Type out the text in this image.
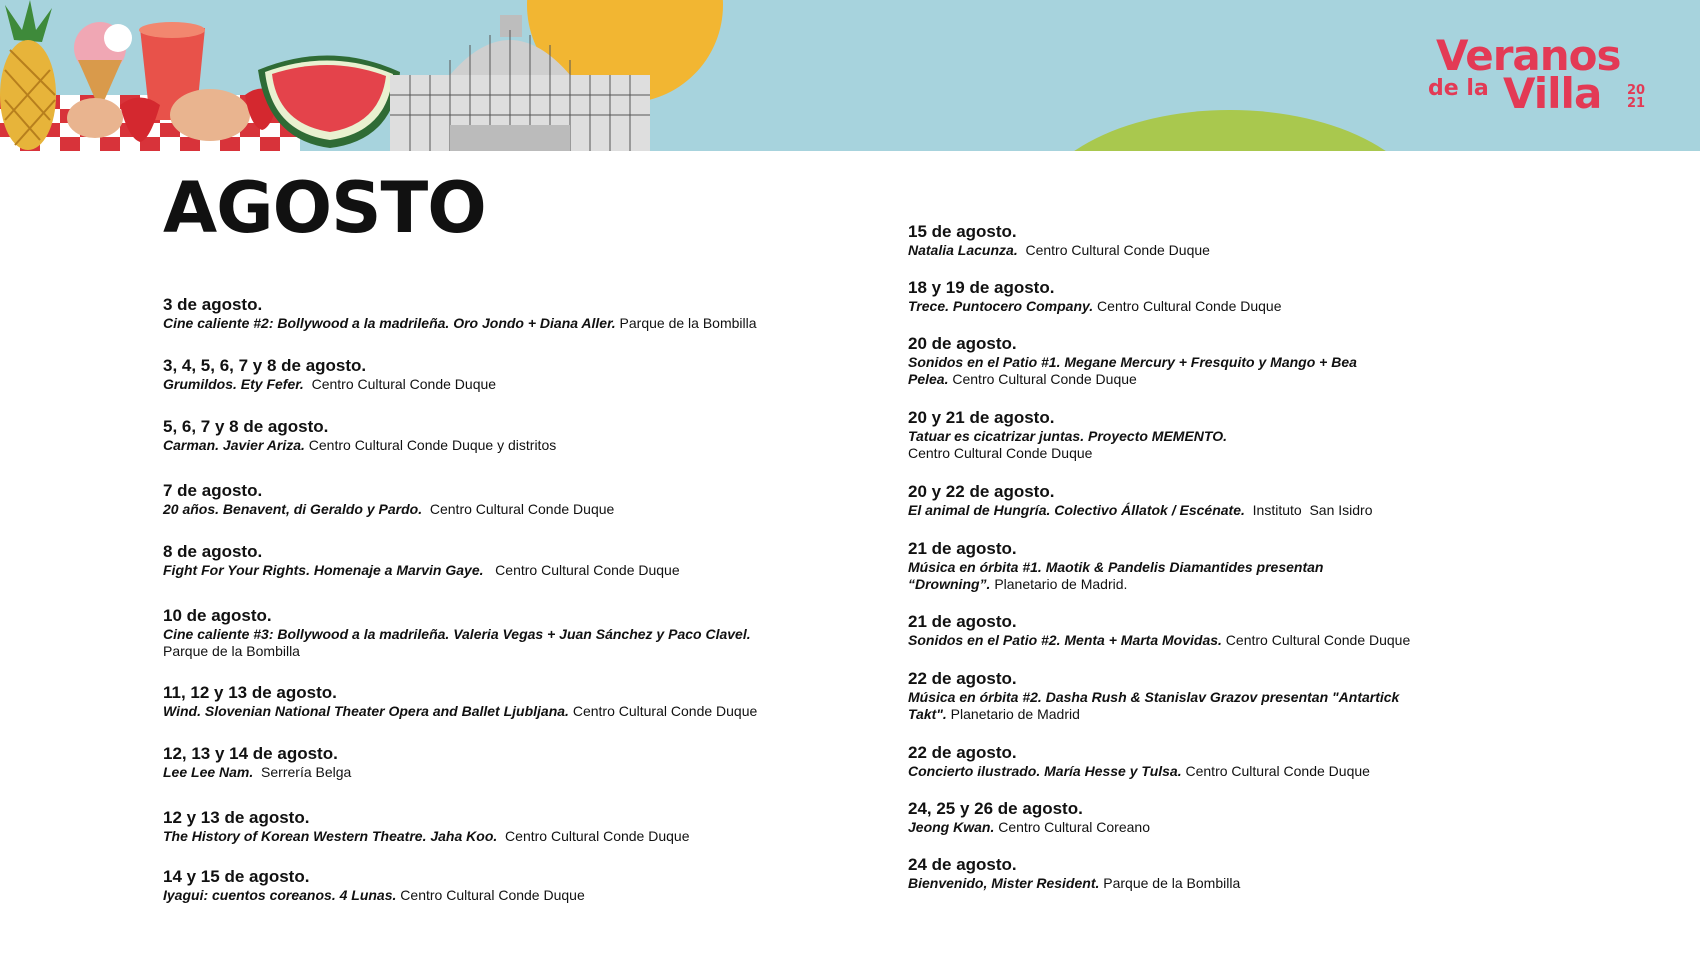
Veranos
de la Villa 20
21
AGOSTO
3 de agosto.
Cine caliente #2: Bollywood a la madrileña. Oro Jondo + Diana Aller. Parque de la Bombilla
3, 4, 5, 6, 7 y 8 de agosto.
Grumildos. Ety Fefer.  Centro Cultural Conde Duque
5, 6, 7 y 8 de agosto.
Carman. Javier Ariza. Centro Cultural Conde Duque y distritos
7 de agosto.
20 años. Benavent, di Geraldo y Pardo.  Centro Cultural Conde Duque
8 de agosto.
Fight For Your Rights. Homenaje a Marvin Gaye.   Centro Cultural Conde Duque
10 de agosto.
Cine caliente #3: Bollywood a la madrileña. Valeria Vegas + Juan Sánchez y Paco Clavel. Parque de la Bombilla
11, 12 y 13 de agosto.
Wind. Slovenian National Theater Opera and Ballet Ljubljana. Centro Cultural Conde Duque
12, 13 y 14 de agosto.
Lee Lee Nam.  Serrería Belga
12 y 13 de agosto.
The History of Korean Western Theatre. Jaha Koo.  Centro Cultural Conde Duque
14 y 15 de agosto.
Iyagui: cuentos coreanos. 4 Lunas. Centro Cultural Conde Duque
15 de agosto.
Natalia Lacunza.  Centro Cultural Conde Duque
18 y 19 de agosto.
Trece. Puntocero Company. Centro Cultural Conde Duque
20 de agosto.
Sonidos en el Patio #1. Megane Mercury + Fresquito y Mango + Bea Pelea. Centro Cultural Conde Duque
20 y 21 de agosto.
Tatuar es cicatrizar juntas. Proyecto MEMENTO. Centro Cultural Conde Duque
20 y 22 de agosto.
El animal de Hungría. Colectivo Állatok / Escénate.  Instituto  San Isidro
21 de agosto.
Música en órbita #1. Maotik & Pandelis Diamantides presentan “Drowning”. Planetario de Madrid.
21 de agosto.
Sonidos en el Patio #2. Menta + Marta Movidas. Centro Cultural Conde Duque
22 de agosto.
Música en órbita #2. Dasha Rush & Stanislav Grazov presentan "Antartick Takt". Planetario de Madrid
22 de agosto.
Concierto ilustrado. María Hesse y Tulsa. Centro Cultural Conde Duque
24, 25 y 26 de agosto.
Jeong Kwan. Centro Cultural Coreano
24 de agosto.
Bienvenido, Mister Resident. Parque de la Bombilla
